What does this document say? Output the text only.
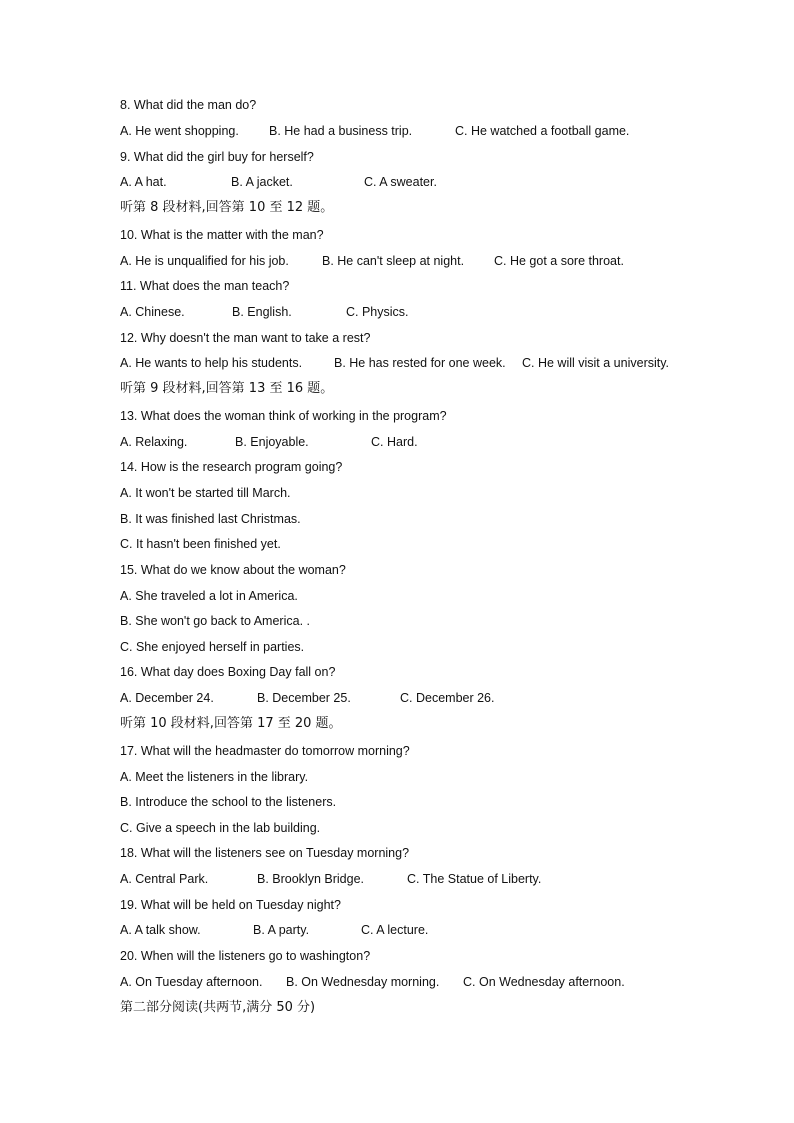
8. What did the man do?
A. He went shopping. B. He had a business trip.	C. He watched a football game.
9. What did the girl buy for herself?
A. A hat.	B. A jacket.	C. A sweater.
听第 8 段材料,回答第 10 至 12 题。
10. What is the matter with the man?
A. He is unqualified for his job.	B. He can't sleep at night. C. He got a sore throat.
11. What does the man teach?
A. Chinese.	B. English.	C. Physics.
12. Why doesn't the man want to take a rest?
A. He wants to help his students.	B. He has rested for one week. C. He will visit a university.
听第 9 段材料,回答第 13 至 16 题。
13. What does the woman think of working in the program?
A. Relaxing.	B. Enjoyable.	C. Hard.
14. How is the research program going?
A. It won't be started till March.
B. It was finished last Christmas.
C. It hasn't been finished yet.
15. What do we know about the woman?
A. She traveled a lot in America.
B. She won't go back to America. .
C. She enjoyed herself in parties.
16. What day does Boxing Day fall on?
A. December 24.	B. December 25.	C. December 26.
听第 10 段材料,回答第 17 至 20 题。
17. What will the headmaster do tomorrow morning?
A. Meet the listeners in the library.
B. Introduce the school to the listeners.
C. Give a speech in the lab building.
18. What will the listeners see on Tuesday morning?
A. Central Park.	B. Brooklyn Bridge.	C. The Statue of Liberty.
19. What will be held on Tuesday night?
A. A talk show.	B. A party.	C. A lecture.
20. When will the listeners go to washington?
A. On Tuesday afternoon. B. On Wednesday morning. C. On Wednesday afternoon.
第二部分阅读(共两节,满分 50 分)
